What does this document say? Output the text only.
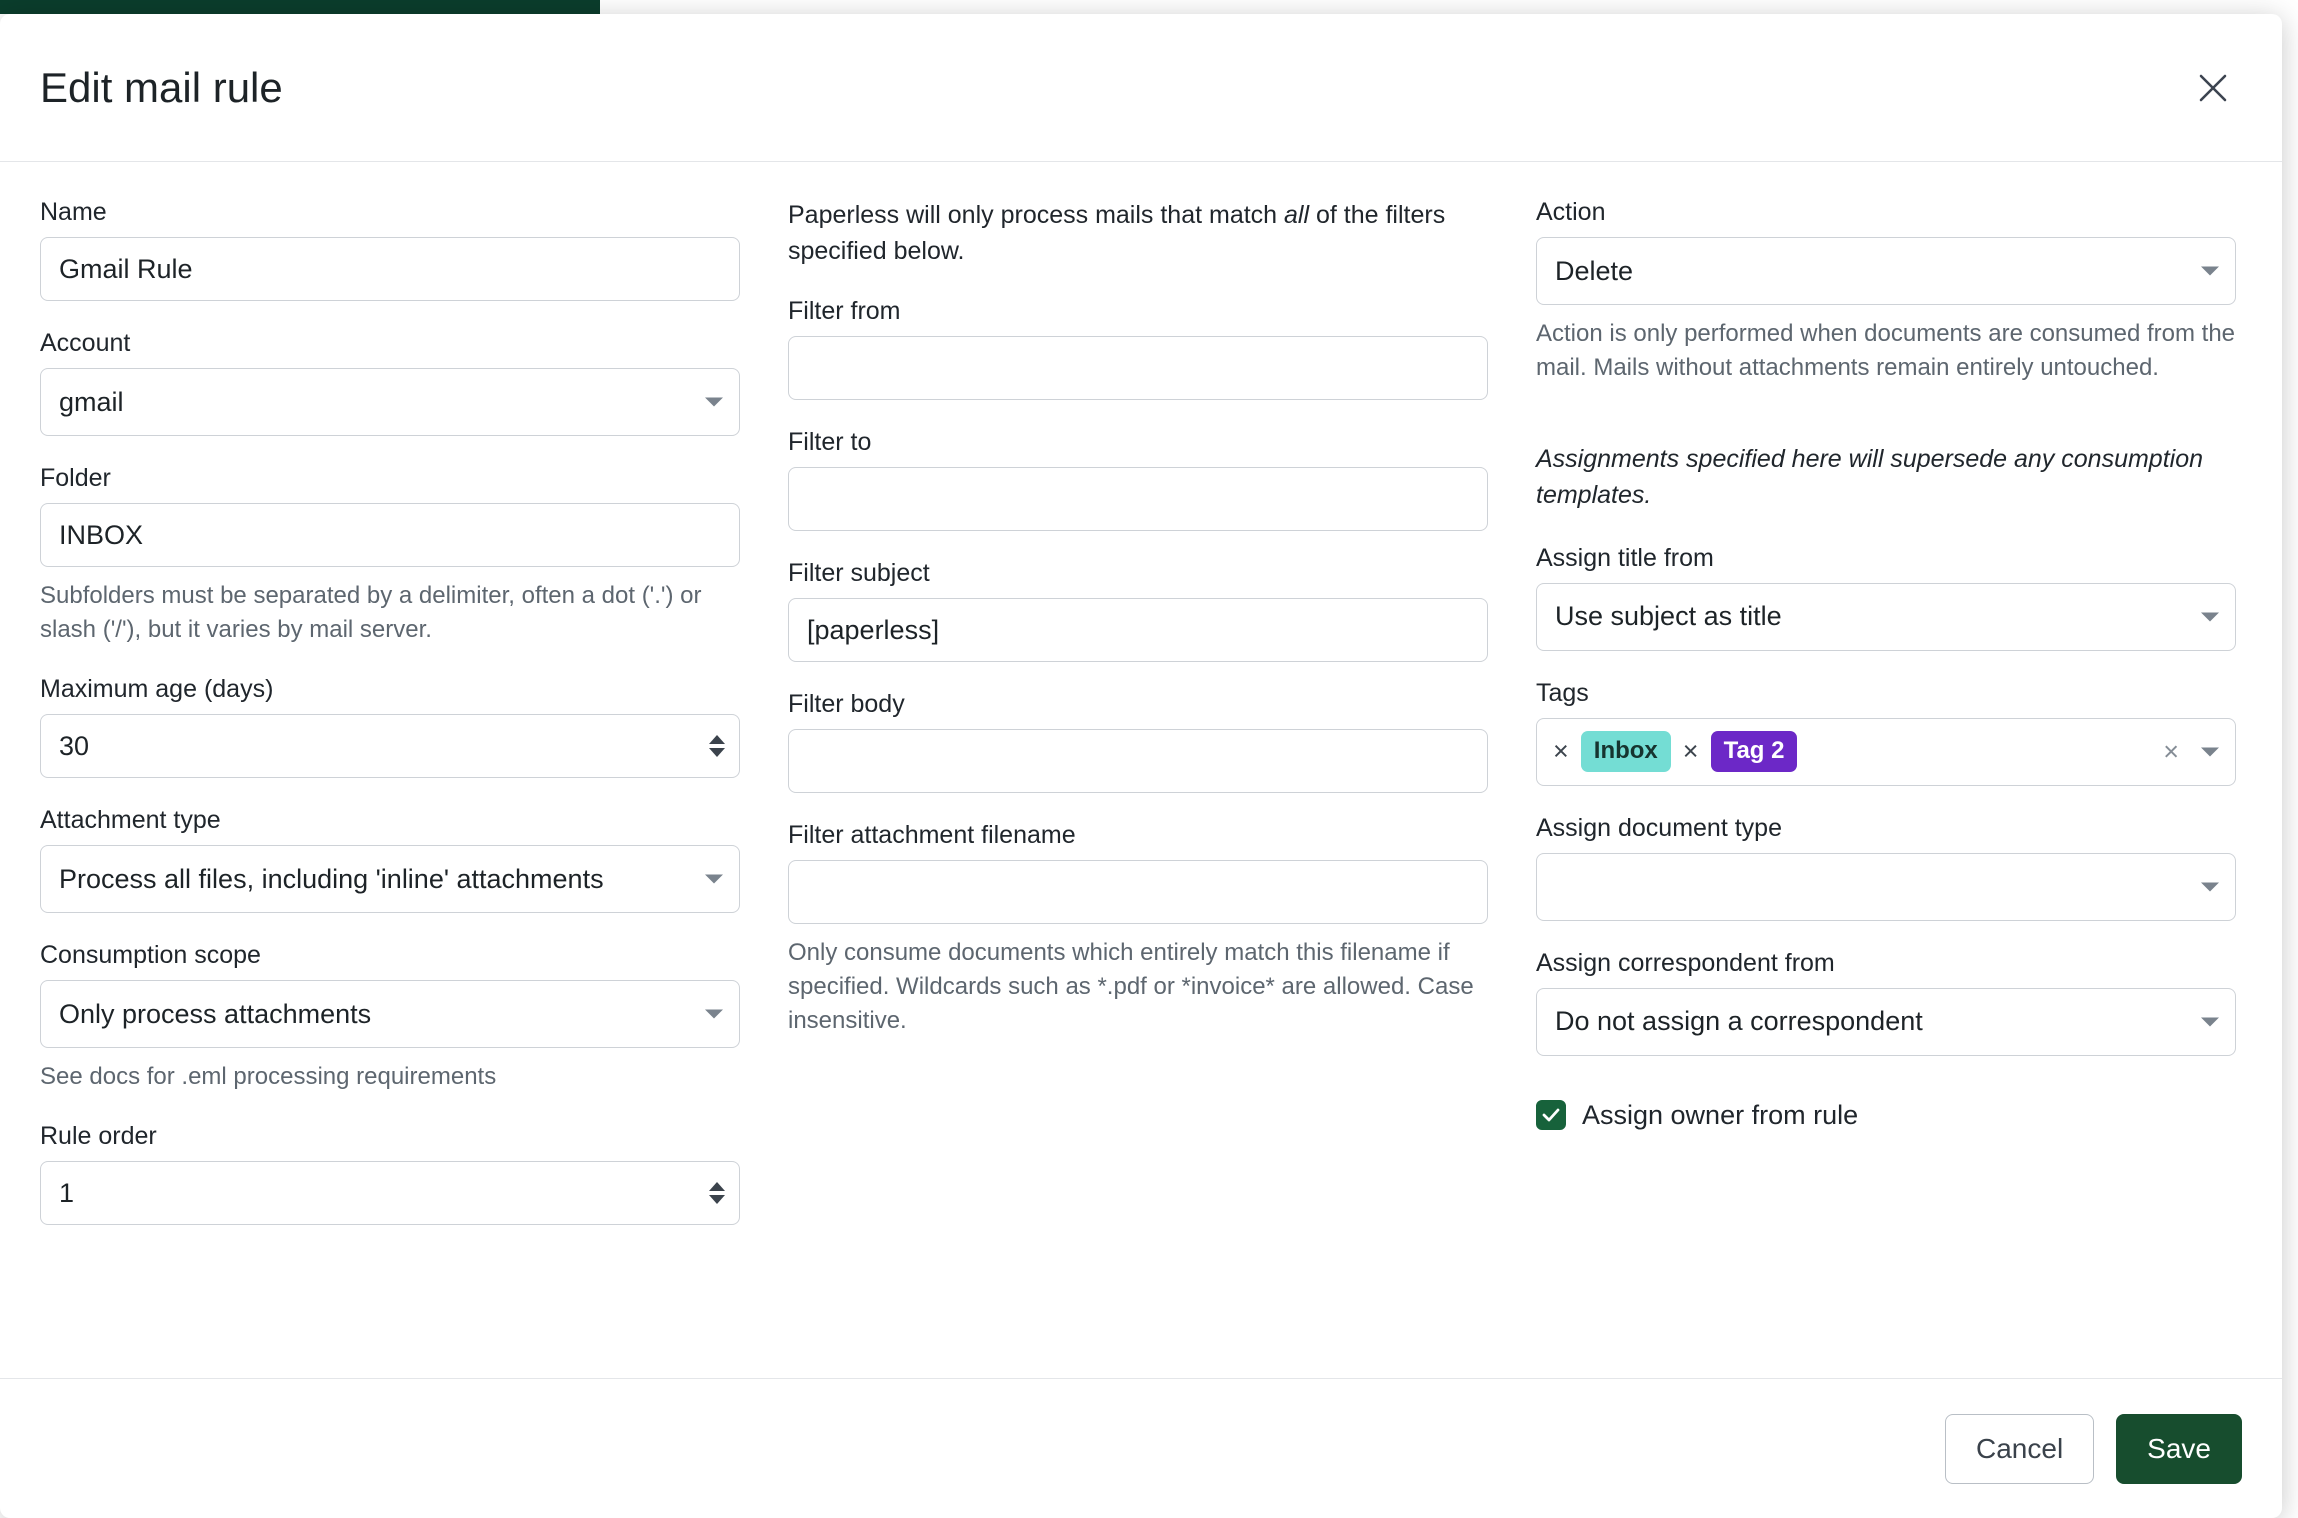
Edit mail rule
Name
Gmail Rule
Account
gmail
Folder
INBOX
Subfolders must be separated by a delimiter, often a dot ('.') or slash ('/'), but it varies by mail server.
Maximum age (days)
30
Attachment type
Process all files, including 'inline' attachments
Consumption scope
Only process attachments
See docs for .eml processing requirements
Rule order
1

Paperless will only process mails that match all of the filters specified below.

Filter from
Filter to
Filter subject
[paperless]
Filter body
Filter attachment filename
Only consume documents which entirely match this filename if specified. Wildcards such as *.pdf or *invoice* are allowed. Case insensitive.
Action
Delete
Action is only performed when documents are consumed from the mail. Mails without attachments remain entirely untouched.
Assignments specified here will supersede any consumption templates.
Assign title from
Use subject as title
Tags
×	Inbox ×	Tag 2	×
Assign document type
Assign correspondent from
Do not assign a correspondent
Assign owner from rule
Cancel	Save
